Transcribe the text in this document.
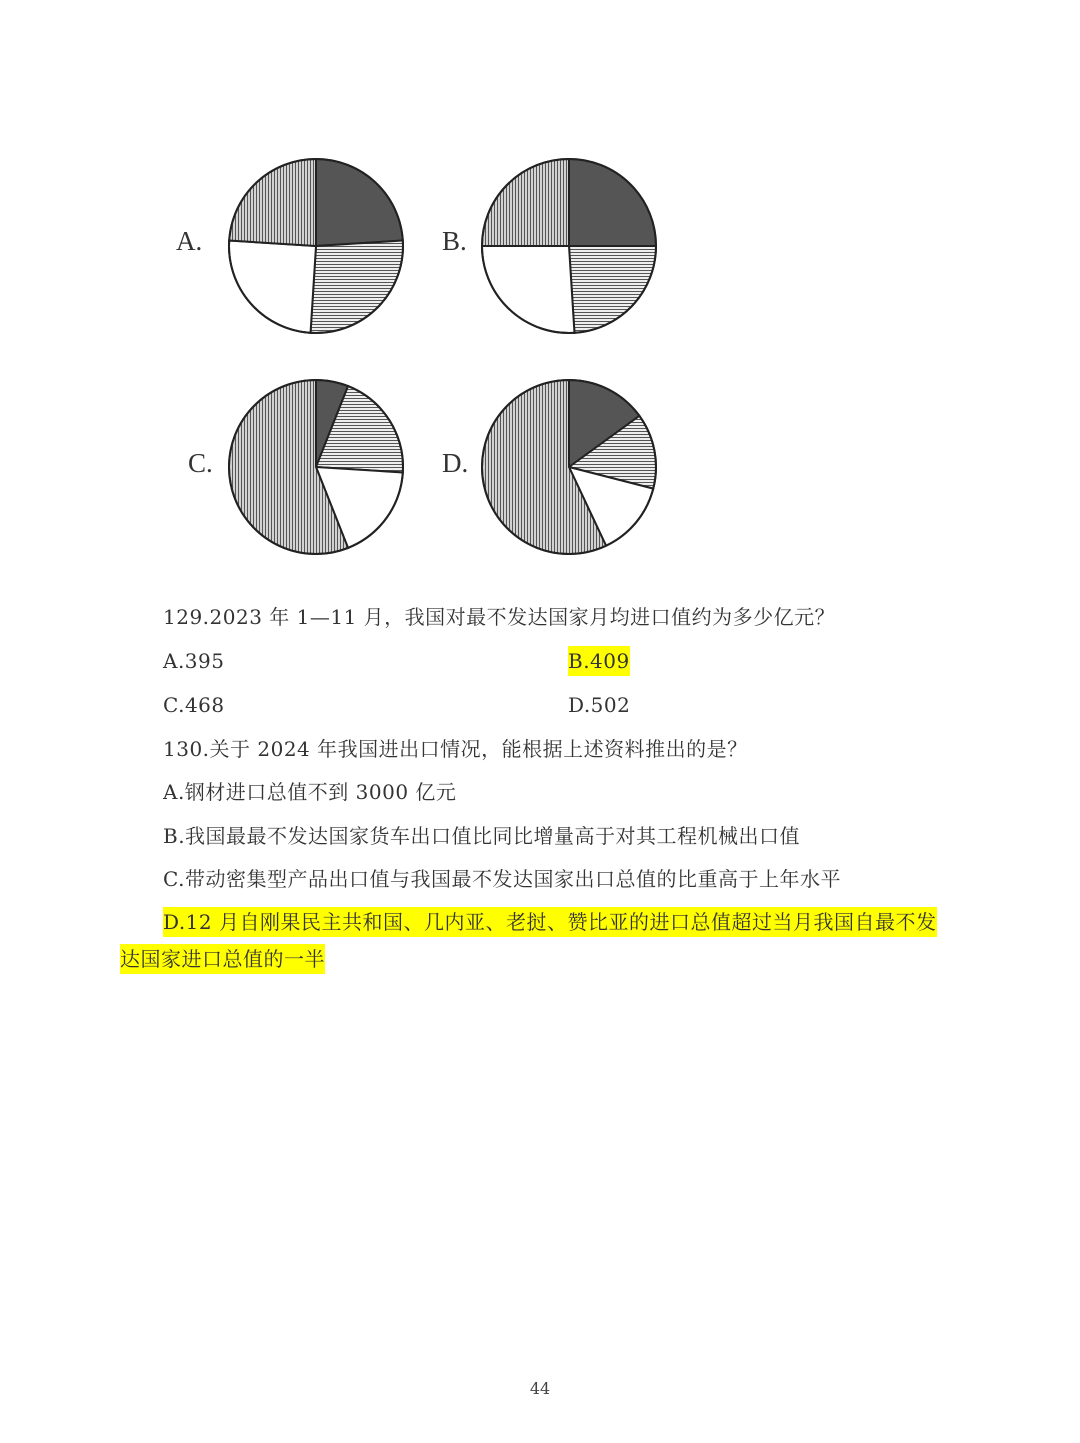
A.	B.
C.	D.
129.2023 年 1—11 月，我国对最不发达国家月均进口值约为多少亿元？
A.395	B.409
C.468	D.502
130.关于 2024 年我国进出口情况，能根据上述资料推出的是？
A.钢材进口总值不到 3000 亿元
B.我国最最不发达国家货车出口值比同比增量高于对其工程机械出口值
C.带动密集型产品出口值与我国最不发达国家出口总值的比重高于上年水平
D.12 月自刚果民主共和国、几内亚、老挝、赞比亚的进口总值超过当月我国自最不发
达国家进口总值的一半
44
